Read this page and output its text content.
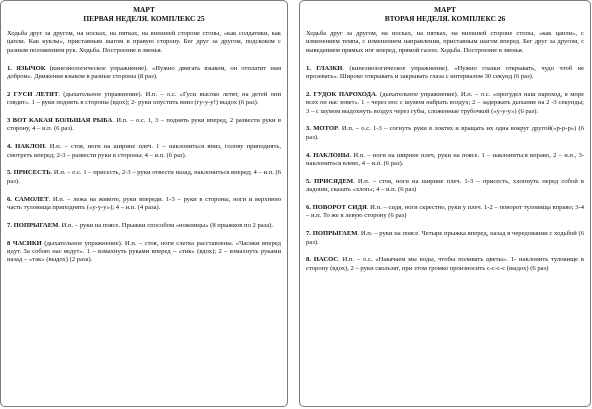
МАРТ
ПЕРВАЯ НЕДЕЛЯ. КОМПЛЕКС 25

Ходьба друг за другом, на носках, на пятках, на внешней стороне стопы, «как солдатики, как цапли. Как куклы», приставным шагом в правую сторону. Бег друг за другом, подскоком с разным положением рук. Ходьба. Построение в звенья.

1. ЯЗЫЧОК (кинезиологическое упражнение). «Нужно двигать языком, он отплатит нам добром». Движения языком в разные стороны (8 раз).

2 ГУСИ ЛЕТЯТ. (дыхательное упражнение). И.п. – о.с. «Гуси высоко летят, на детей они глядят». 1 – руки поднять в стороны (вдох); 2- руки опустить вниз (гу-у-у!) выдох (6 раз).

3 ВОТ КАКАЯ БОЛЬШАЯ РЫБА. И.п. – о.с. 1, 3 – поднять руки вперед, 2 развести руки в сторону, 4 – и.п. (6 раз).

4. НАКЛОН. И.п. – стоя, ноги на ширине плеч. 1 – наклониться вниз, голову приподнять, смотреть вперед; 2-3 – развести руки в стороны; 4 – и.п. (6 раз).

5. ПРИСЕСТЬ. И.п. – о.с. 1 – присесть, 2-3 – руки отвести назад, наклониться вперед; 4 – и.п. (6 раз).

6. САМОЛЕТ. И.п. – лежа на животе, руки впереди. 1-3 – руки в стороны, ноги и верхнюю часть туловища приподнять («у-у-у»); 4 – и.п. (4 раза).

7. ПОПРЫГАЕМ. И.п. – руки на поясе. Прыжки способом «ножницы» (8 прыжков по 2 раза).

8 ЧАСИКИ (дыхательное упражнение). И.п. – стоя, ноги слегка расставлены. «Часики вперед идут. За собою нас ведут». 1 – взмахнуть руками вперед – «тик» (вдох); 2 – взмахнуть руками назад – «так» (выдох) (2 раза).

МАРТ
ВТОРАЯ НЕДЕЛЯ. КОМПЛЕКС 26

Ходьба друг за другом, на носках, на пятках, на внешней стороне стопы, «как цапли», с изменением темпа, с изменением направления, приставным шагом вперед. Бег друг за другом, с выведением прямых ног вперед, прямой галоп. Ходьба. Построение в звенья.

1. ГЛАЗКИ. (кинезиологическое упражнение). «Нужно глазки открывать, чудо чтоб не прозевать». Широко открывать и закрывать глаза с интервалом 30 секунд (6 раз).

2. ГУДОК ПАРОХОДА. (дыхательное упражнение). И.п. – о.с. «прогудел наш пароход, в море всех он нас зовет». 1 – через нос с шумом набрать воздух; 2 – задержать дыхание на 2 -3 секунды; 3 – с шумом выдохнуть воздух через губы, сложенные трубочкой («у-у-у») (6 раз).

3. МОТОР. И.п. – о.с. 1-3 – согнуть руки в локтях и вращать их одна вокруг другой(«р-р-р») (6 раз).

4. НАКЛОНЫ. И.п. – ноги на ширине плеч, руки на поясе. 1 – наклониться вправо, 2 – и.п., 3- наклониться влево, 4 – и.п. (6 раз).

5. ПРИСЯДЕМ. И.п. – стоя, ноги на ширине плеч. 1-3 – присесть, хлопнуть перед собой в ладоши, сказать «хлоп»; 4 – и.п. (6 раз)

6. ПОВОРОТ СИДЯ. И.п. – сидя, ноги скрестно, руки у плеч. 1-2 – поворот туловища вправо; 3-4 – и.п. То же в левую сторону (6 раз)

7. ПОПРЫГАЕМ. И.п. – руки на поясе. Четыре прыжка вперед, назад в чередовании с ходьбой (6 раз).

8. НАСОС. И.п. – о.с. «Накачаем мы воды, чтобы поливать цветы». 1- наклонить туловище в сторону (вдох), 2 – руки скользят, при этом громко произносить с-с-с-с (выдох) (6 раз)
